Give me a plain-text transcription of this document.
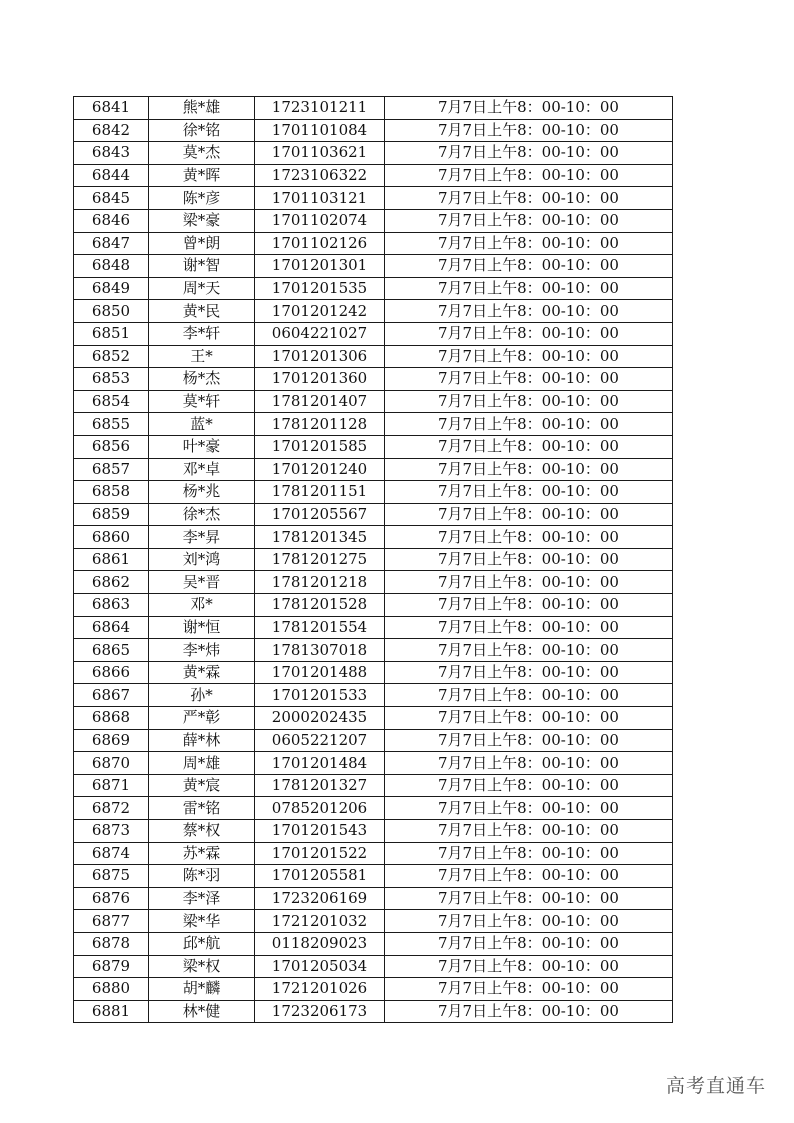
6841	熊*雄	1723101211	7月7日上午8：00-10：00
6842	徐*铭	1701101084	7月7日上午8：00-10：00
6843	莫*杰	1701103621	7月7日上午8：00-10：00
6844	黄*晖	1723106322	7月7日上午8：00-10：00
6845	陈*彦	1701103121	7月7日上午8：00-10：00
6846	梁*豪	1701102074	7月7日上午8：00-10：00
6847	曾*朗	1701102126	7月7日上午8：00-10：00
6848	谢*智	1701201301	7月7日上午8：00-10：00
6849	周*天	1701201535	7月7日上午8：00-10：00
6850	黄*民	1701201242	7月7日上午8：00-10：00
6851	李*轩	0604221027	7月7日上午8：00-10：00
6852	王*	1701201306	7月7日上午8：00-10：00
6853	杨*杰	1701201360	7月7日上午8：00-10：00
6854	莫*轩	1781201407	7月7日上午8：00-10：00
6855	蓝*	1781201128	7月7日上午8：00-10：00
6856	叶*豪	1701201585	7月7日上午8：00-10：00
6857	邓*卓	1701201240	7月7日上午8：00-10：00
6858	杨*兆	1781201151	7月7日上午8：00-10：00
6859	徐*杰	1701205567	7月7日上午8：00-10：00
6860	李*昇	1781201345	7月7日上午8：00-10：00
6861	刘*鸿	1781201275	7月7日上午8：00-10：00
6862	吴*晋	1781201218	7月7日上午8：00-10：00
6863	邓*	1781201528	7月7日上午8：00-10：00
6864	谢*恒	1781201554	7月7日上午8：00-10：00
6865	李*炜	1781307018	7月7日上午8：00-10：00
6866	黄*霖	1701201488	7月7日上午8：00-10：00
6867	孙*	1701201533	7月7日上午8：00-10：00
6868	严*彰	2000202435	7月7日上午8：00-10：00
6869	薛*林	0605221207	7月7日上午8：00-10：00
6870	周*雄	1701201484	7月7日上午8：00-10：00
6871	黄*宸	1781201327	7月7日上午8：00-10：00
6872	雷*铭	0785201206	7月7日上午8：00-10：00
6873	蔡*权	1701201543	7月7日上午8：00-10：00
6874	苏*霖	1701201522	7月7日上午8：00-10：00
6875	陈*羽	1701205581	7月7日上午8：00-10：00
6876	李*泽	1723206169	7月7日上午8：00-10：00
6877	梁*华	1721201032	7月7日上午8：00-10：00
6878	邱*航	0118209023	7月7日上午8：00-10：00
6879	梁*权	1701205034	7月7日上午8：00-10：00
6880	胡*麟	1721201026	7月7日上午8：00-10：00
6881	林*健	1723206173	7月7日上午8：00-10：00
高考直通车
